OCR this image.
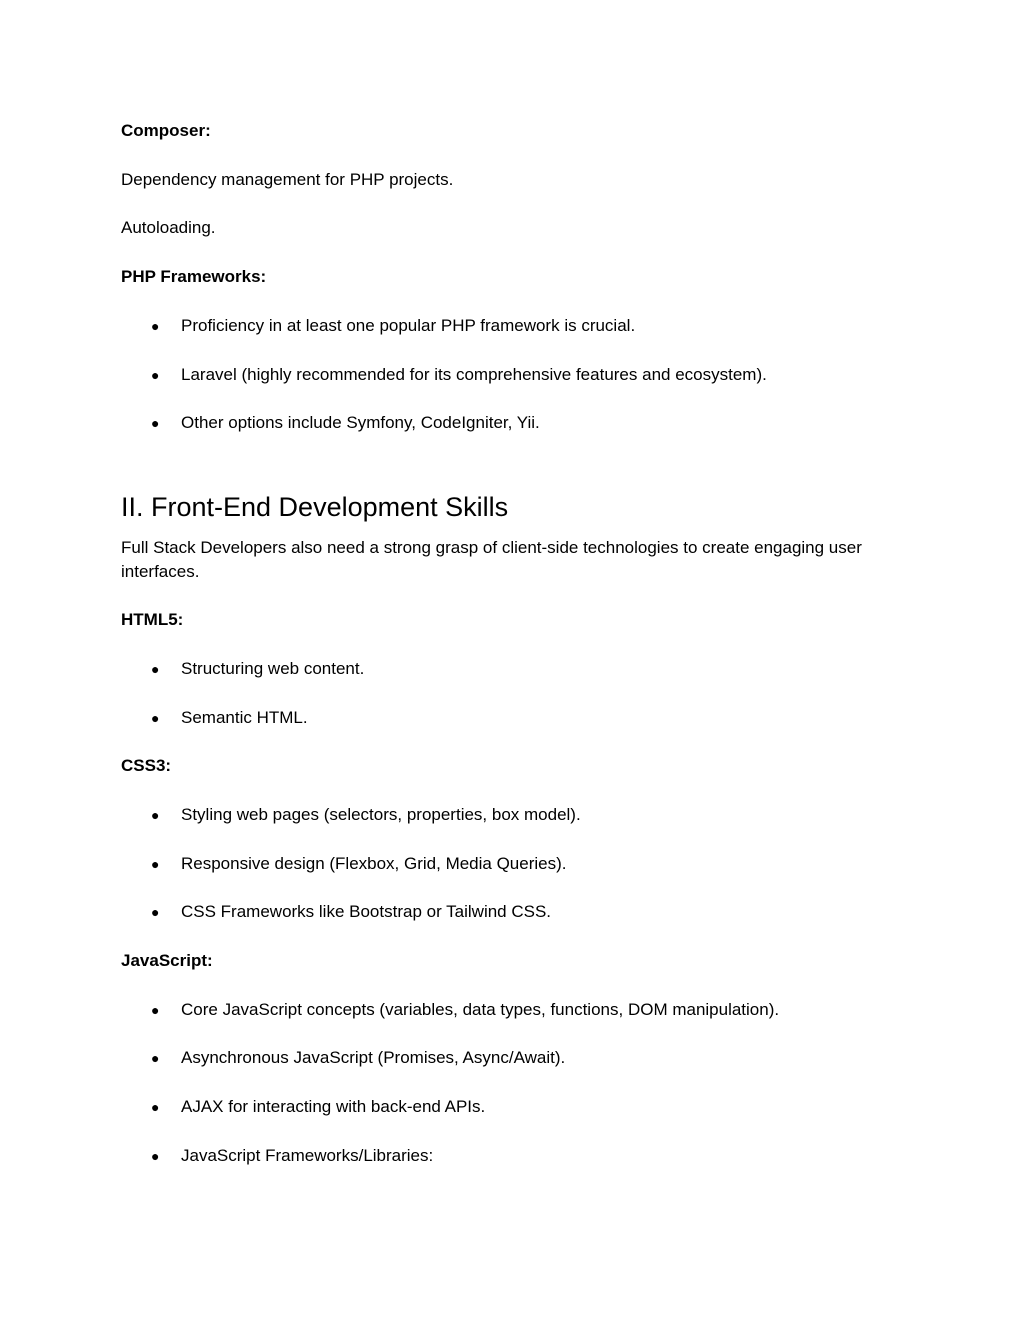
Composer:

Dependency management for PHP projects.

Autoloading.

PHP Frameworks:

● Proficiency in at least one popular PHP framework is crucial.
● Laravel (highly recommended for its comprehensive features and ecosystem).
● Other options include Symfony, CodeIgniter, Yii.
II. Front-End Development Skills

Full Stack Developers also need a strong grasp of client-side technologies to create engaging user interfaces.

HTML5:

● Structuring web content.
● Semantic HTML.

CSS3:

● Styling web pages (selectors, properties, box model).
● Responsive design (Flexbox, Grid, Media Queries).
● CSS Frameworks like Bootstrap or Tailwind CSS.

JavaScript:

● Core JavaScript concepts (variables, data types, functions, DOM manipulation).
● Asynchronous JavaScript (Promises, Async/Await).
● AJAX for interacting with back-end APIs.
● JavaScript Frameworks/Libraries:
